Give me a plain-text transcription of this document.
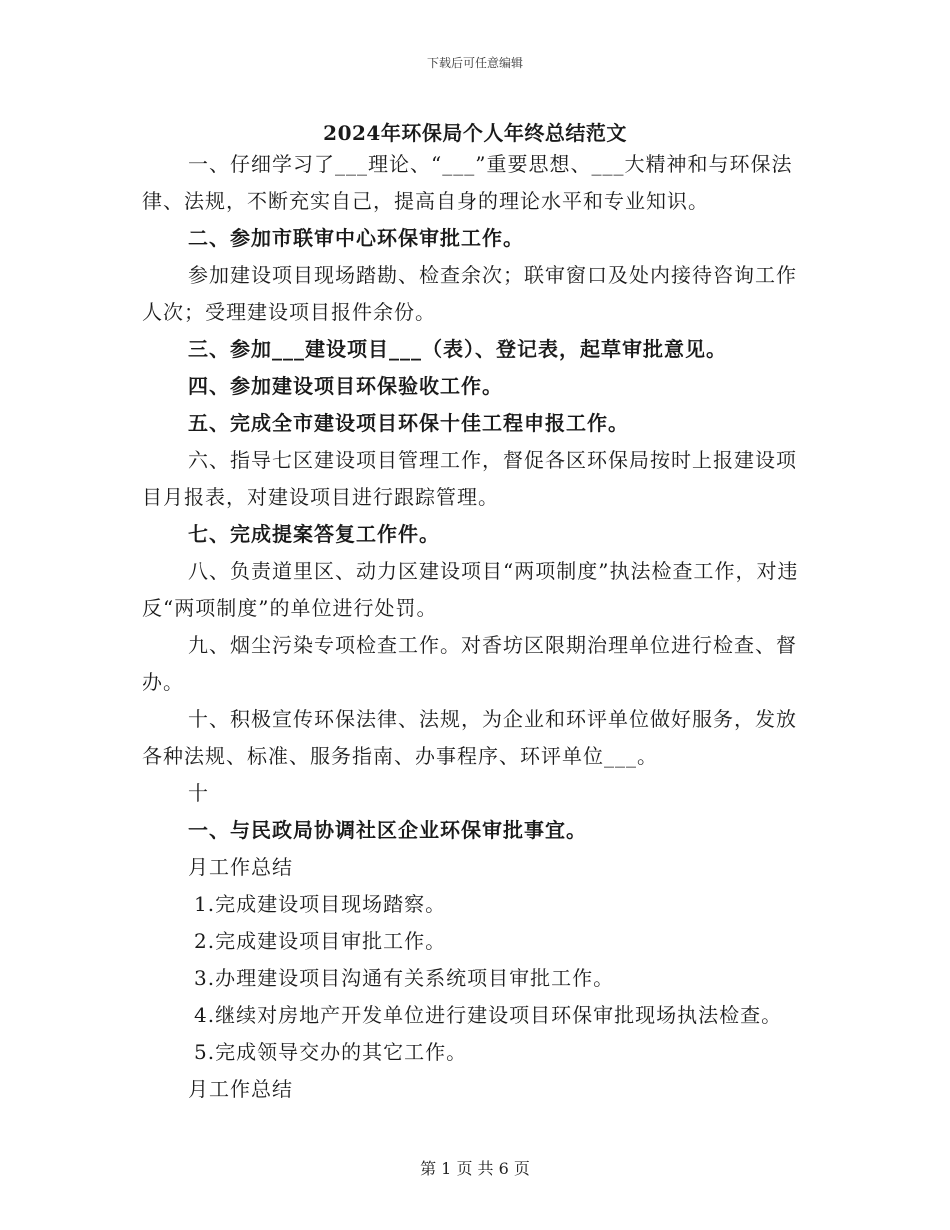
下载后可任意编辑
2024年环保局个人年终总结范文

一、仔细学习了___理论、“___”重要思想、___大精神和与环保法律、法规，不断充实自己，提高自身的理论水平和专业知识。

二、参加市联审中心环保审批工作。

参加建设项目现场踏勘、检查余次；联审窗口及处内接待咨询工作人次；受理建设项目报件余份。

三、参加___建设项目___（表）、登记表，起草审批意见。

四、参加建设项目环保验收工作。

五、完成全市建设项目环保十佳工程申报工作。

六、指导七区建设项目管理工作，督促各区环保局按时上报建设项目月报表，对建设项目进行跟踪管理。

七、完成提案答复工作件。

八、负责道里区、动力区建设项目“两项制度”执法检查工作，对违反“两项制度”的单位进行处罚。

九、烟尘污染专项检查工作。对香坊区限期治理单位进行检查、督办。

十、积极宣传环保法律、法规，为企业和环评单位做好服务，发放各种法规、标准、服务指南、办事程序、环评单位___。

十

一、与民政局协调社区企业环保审批事宜。

月工作总结

1.完成建设项目现场踏察。

2.完成建设项目审批工作。

3.办理建设项目沟通有关系统项目审批工作。

4.继续对房地产开发单位进行建设项目环保审批现场执法检查。

5.完成领导交办的其它工作。

月工作总结

第 1 页 共 6 页
